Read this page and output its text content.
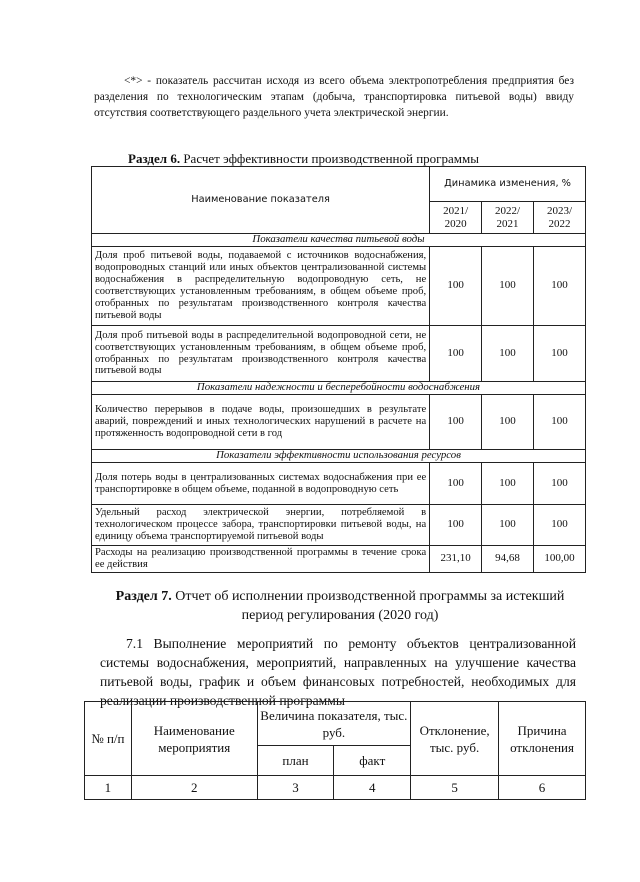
<*> - показатель рассчитан исходя из всего объема электропотребления предприятия без разделения по технологическим этапам (добыча, транспортировка питьевой воды) ввиду отсутствия соответствующего раздельного учета электрической энергии.
Раздел 6. Расчет эффективности производственной программы
Наименование показателя	Динамика изменения, %		
	2021/ 2020	2022/ 2021	2023/ 2022
Показатели качества питьевой воды			
Доля проб питьевой воды, подаваемой с источников водоснабжения, водопроводных станций или иных объектов централизованной системы водоснабжения в распределительную водопроводную сеть, не соответствующих установленным требованиям, в общем объеме проб, отобранных по результатам производственного контроля качества питьевой воды	100	100	100
Доля проб питьевой воды в распределительной водопроводной сети, не соответствующих установленным требованиям, в общем объеме проб, отобранных по результатам производственного контроля качества питьевой воды	100	100	100
Показатели надежности и бесперебойности водоснабжения			
Количество перерывов в подаче воды, произошедших в результате аварий, повреждений и иных технологических нарушений в расчете на протяженность водопроводной сети в год	100	100	100
Показатели эффективности использования ресурсов			
Доля потерь воды в централизованных системах водоснабжения при ее транспортировке в общем объеме, поданной в водопроводную сеть	100	100	100
Удельный расход электрической энергии, потребляемой в технологическом процессе забора, транспортировки питьевой воды, на единицу объема транспортируемой питьевой воды	100	100	100
Расходы на реализацию производственной программы в течение срока ее действия	231,10	94,68	100,00
Раздел 7. Отчет об исполнении производственной программы за истекший период регулирования (2020 год)
7.1 Выполнение мероприятий по ремонту объектов централизованной системы водоснабжения, мероприятий, направленных на улучшение качества питьевой воды, график и объем финансовых потребностей, необходимых для реализации производственной программы
№ п/п	Наименование мероприятия	Величина показателя, тыс. руб.		Отклонение, тыс. руб.	Причина отклонения
		план	факт		
1	2	3	4	5	6
